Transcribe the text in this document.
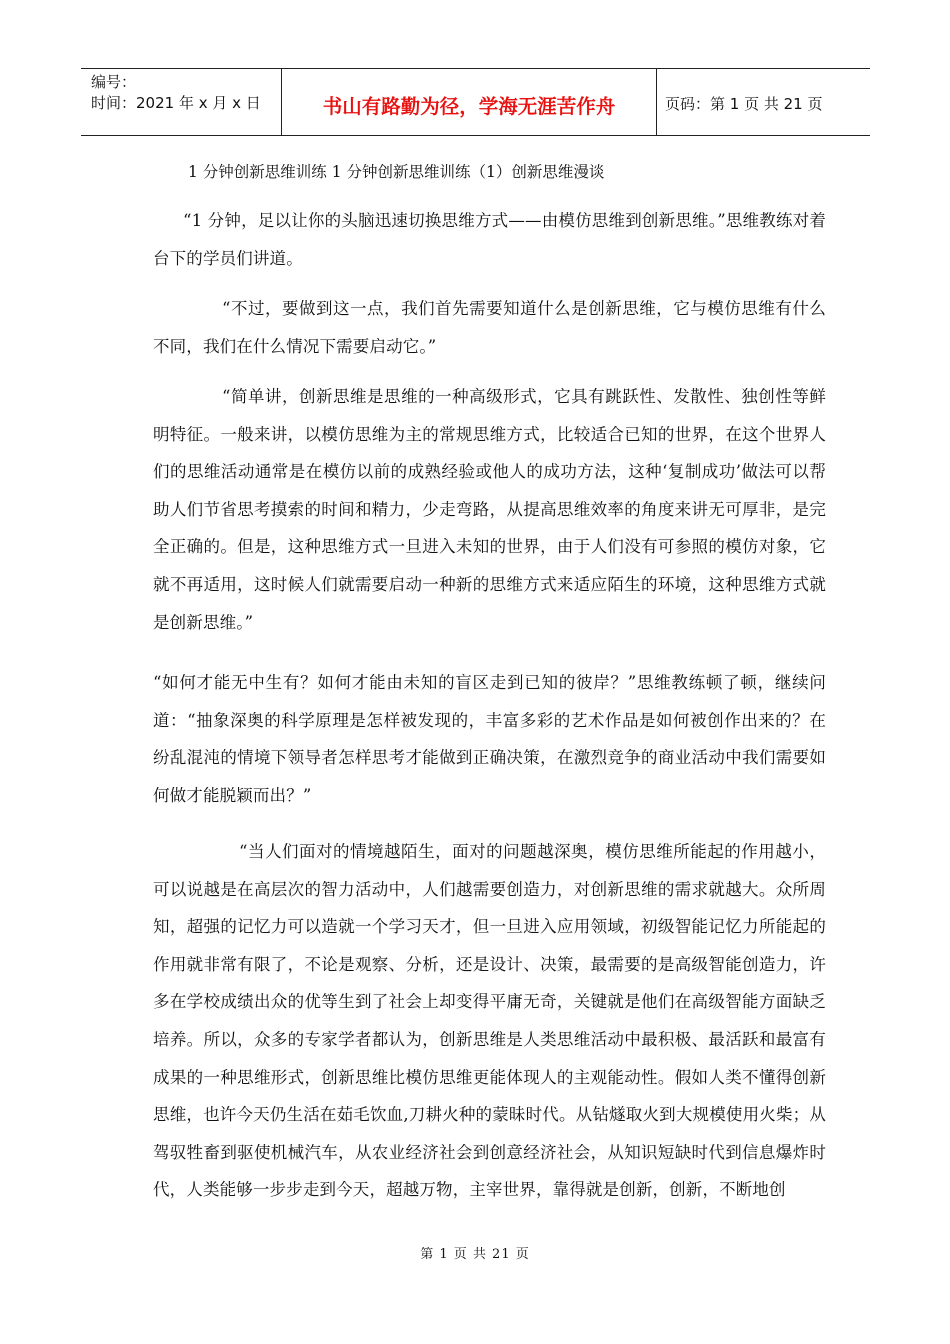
编号：
时间：2021 年 x 月 x 日	书山有路勤为径，学海无涯苦作舟	页码：第 1 页 共 21 页
1 分钟创新思维训练 1 分钟创新思维训练（1）创新思维漫谈

“1 分钟，足以让你的头脑迅速切换思维方式——由模仿思维到创新思维。”思维教练对着台下的学员们讲道。

“不过，要做到这一点，我们首先需要知道什么是创新思维，它与模仿思维有什么不同，我们在什么情况下需要启动它。”

“简单讲，创新思维是思维的一种高级形式，它具有跳跃性、发散性、独创性等鲜明特征。一般来讲，以模仿思维为主的常规思维方式，比较适合已知的世界，在这个世界人们的思维活动通常是在模仿以前的成熟经验或他人的成功方法，这种‘复制成功’做法可以帮助人们节省思考摸索的时间和精力，少走弯路，从提高思维效率的角度来讲无可厚非，是完全正确的。但是，这种思维方式一旦进入未知的世界，由于人们没有可参照的模仿对象，它就不再适用，这时候人们就需要启动一种新的思维方式来适应陌生的环境，这种思维方式就是创新思维。”

“如何才能无中生有？如何才能由未知的盲区走到已知的彼岸？”思维教练顿了顿，继续问道：“抽象深奥的科学原理是怎样被发现的，丰富多彩的艺术作品是如何被创作出来的？在纷乱混沌的情境下领导者怎样思考才能做到正确决策，在激烈竞争的商业活动中我们需要如何做才能脱颖而出？”

“当人们面对的情境越陌生，面对的问题越深奥，模仿思维所能起的作用越小，可以说越是在高层次的智力活动中，人们越需要创造力，对创新思维的需求就越大。众所周知，超强的记忆力可以造就一个学习天才，但一旦进入应用领域，初级智能记忆力所能起的作用就非常有限了，不论是观察、分析，还是设计、决策，最需要的是高级智能创造力，许多在学校成绩出众的优等生到了社会上却变得平庸无奇，关键就是他们在高级智能方面缺乏培养。所以，众多的专家学者都认为，创新思维是人类思维活动中最积极、最活跃和最富有成果的一种思维形式，创新思维比模仿思维更能体现人的主观能动性。假如人类不懂得创新思维，也许今天仍生活在茹毛饮血,刀耕火种的蒙昧时代。从钻燧取火到大规模使用火柴；从驾驭牲畜到驱使机械汽车，从农业经济社会到创意经济社会，从知识短缺时代到信息爆炸时代，人类能够一步步走到今天，超越万物，主宰世界，靠得就是创新，创新，不断地创

第 1 页 共 21 页
